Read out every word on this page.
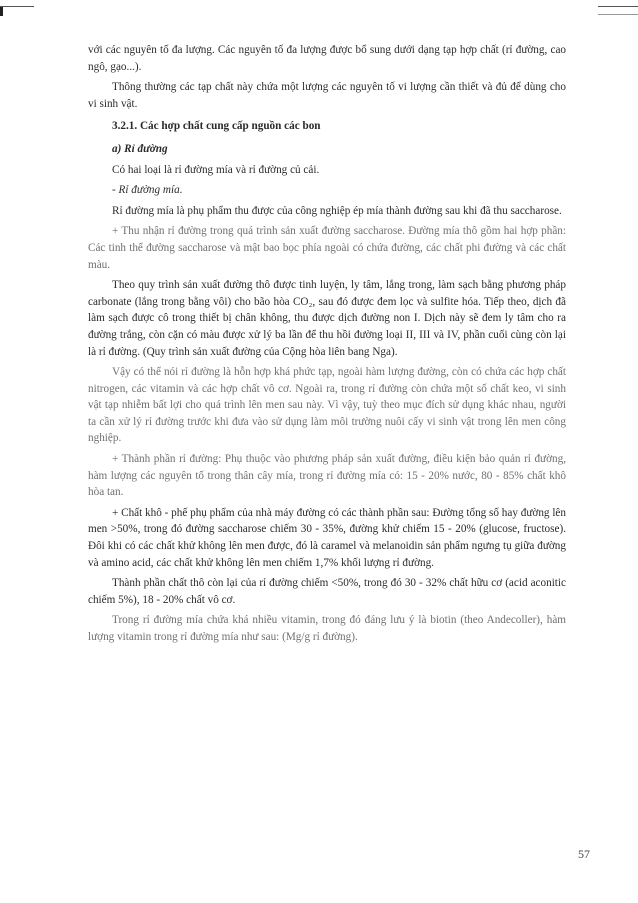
với các nguyên tố đa lượng. Các nguyên tố đa lượng được bổ sung dưới dạng tạp hợp chất (rỉ đường, cao ngô, gạo...).

Thông thường các tạp chất này chứa một lượng các nguyên tố vi lượng cần thiết và đủ để dùng cho vi sinh vật.

3.2.1. Các hợp chất cung cấp nguồn các bon

a) Rỉ đường

Có hai loại là rỉ đường mía và rỉ đường củ cải.

- Rỉ đường mía.

Rỉ đường mía là phụ phẩm thu được của công nghiệp ép mía thành đường sau khi đã thu saccharose.

+ Thu nhận rỉ đường trong quá trình sản xuất đường saccharose. Đường mía thô gồm hai hợp phần: Các tinh thể đường saccharose và mật bao bọc phía ngoài có chứa đường, các chất phi đường và các chất màu.

Theo quy trình sản xuất đường thô được tinh luyện, ly tâm, lắng trong, làm sạch bằng phương pháp carbonate (lắng trong bằng vôi) cho bão hòa CO₂, sau đó được đem lọc và sulfite hóa. Tiếp theo, dịch đã làm sạch được cô trong thiết bị chân không, thu được dịch đường non I. Dịch này sẽ đem ly tâm cho ra đường trắng, còn cặn có màu được xử lý ba lần để thu hồi đường loại II, III và IV, phần cuối cùng còn lại là rỉ đường. (Quy trình sản xuất đường của Cộng hòa liên bang Nga).

Vậy có thể nói rỉ đường là hỗn hợp khá phức tạp, ngoài hàm lượng đường, còn có chứa các hợp chất nitrogen, các vitamin và các hợp chất vô cơ. Ngoài ra, trong rỉ đường còn chứa một số chất keo, vi sinh vật tạp nhiễm bất lợi cho quá trình lên men sau này. Vì vậy, tuỳ theo mục đích sử dụng khác nhau, người ta cần xử lý rỉ đường trước khi đưa vào sử dụng làm môi trường nuôi cấy vi sinh vật trong lên men công nghiệp.

+ Thành phần rỉ đường: Phụ thuộc vào phương pháp sản xuất đường, điều kiện bảo quản rỉ đường, hàm lượng các nguyên tố trong thân cây mía, trong rỉ đường mía có: 15 - 20% nước, 80 - 85% chất khô hòa tan.

+ Chất khô - phế phụ phẩm của nhà máy đường có các thành phần sau: Đường tổng số hay đường lên men >50%, trong đó đường saccharose chiếm 30 - 35%, đường khử chiếm 15 - 20% (glucose, fructose). Đôi khi có các chất khử không lên men được, đó là caramel và melanoidin sản phẩm ngưng tụ giữa đường và amino acid, các chất khử không lên men chiếm 1,7% khối lượng rỉ đường.

Thành phần chất thô còn lại của rỉ đường chiếm <50%, trong đó 30 - 32% chất hữu cơ (acid aconitic chiếm 5%), 18 - 20% chất vô cơ.

Trong rỉ đường mía chứa khá nhiều vitamin, trong đó đáng lưu ý là biotin (theo Andecoller), hàm lượng vitamin trong rỉ đường mía như sau: (Mg/g rỉ đường).

57
